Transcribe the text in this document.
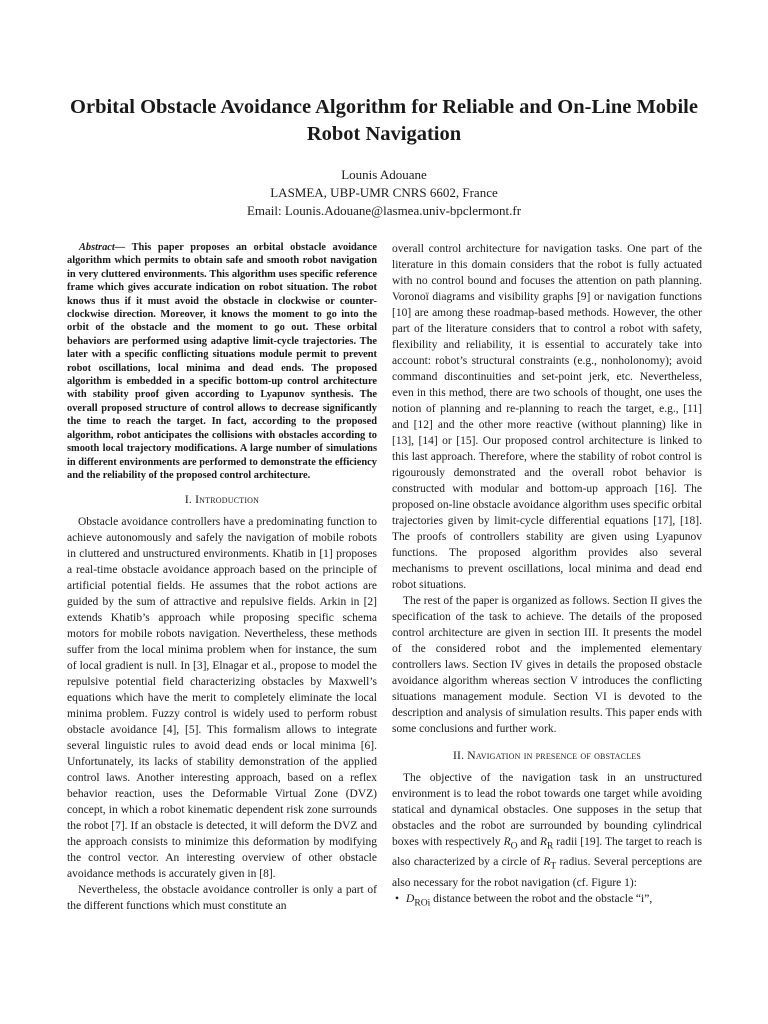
Orbital Obstacle Avoidance Algorithm for Reliable and On-Line Mobile
Robot Navigation
Lounis Adouane
LASMEA, UBP-UMR CNRS 6602, France
Email: Lounis.Adouane@lasmea.univ-bpclermont.fr

Abstract— This paper proposes an orbital obstacle avoidance algorithm which permits to obtain safe and smooth robot navigation in very cluttered environments. This algorithm uses specific reference frame which gives accurate indication on robot situation. The robot knows thus if it must avoid the obstacle in clockwise or counter-clockwise direction. Moreover, it knows the moment to go into the orbit of the obstacle and the moment to go out. These orbital behaviors are performed using adaptive limit-cycle trajectories. The later with a specific conflicting situations module permit to prevent robot oscillations, local minima and dead ends. The proposed algorithm is embedded in a specific bottom-up control architecture with stability proof given according to Lyapunov synthesis. The overall proposed structure of control allows to decrease significantly the time to reach the target. In fact, according to the proposed algorithm, robot anticipates the collisions with obstacles according to smooth local trajectory modifications. A large number of simulations in different environments are performed to demonstrate the efficiency and the reliability of the proposed control architecture.

I. Introduction

Obstacle avoidance controllers have a predominating function to achieve autonomously and safely the navigation of mobile robots in cluttered and unstructured environments. Khatib in [1] proposes a real-time obstacle avoidance approach based on the principle of artificial potential fields. He assumes that the robot actions are guided by the sum of attractive and repulsive fields. Arkin in [2] extends Khatib’s approach while proposing specific schema motors for mobile robots navigation. Nevertheless, these methods suffer from the local minima problem when for instance, the sum of local gradient is null. In [3], Elnagar et al., propose to model the repulsive potential field characterizing obstacles by Maxwell’s equations which have the merit to completely eliminate the local minima problem. Fuzzy control is widely used to perform robust obstacle avoidance [4], [5]. This formalism allows to integrate several linguistic rules to avoid dead ends or local minima [6]. Unfortunately, its lacks of stability demonstration of the applied control laws. Another interesting approach, based on a reflex behavior reaction, uses the Deformable Virtual Zone (DVZ) concept, in which a robot kinematic dependent risk zone surrounds the robot [7]. If an obstacle is detected, it will deform the DVZ and the approach consists to minimize this deformation by modifying the control vector. An interesting overview of other obstacle avoidance methods is accurately given in [8].

Nevertheless, the obstacle avoidance controller is only a part of the different functions which must constitute an

overall control architecture for navigation tasks. One part of the literature in this domain considers that the robot is fully actuated with no control bound and focuses the attention on path planning. Voronoï diagrams and visibility graphs [9] or navigation functions [10] are among these roadmap-based methods. However, the other part of the literature considers that to control a robot with safety, flexibility and reliability, it is essential to accurately take into account: robot’s structural constraints (e.g., nonholonomy); avoid command discontinuities and set-point jerk, etc. Nevertheless, even in this method, there are two schools of thought, one uses the notion of planning and re-planning to reach the target, e.g., [11] and [12] and the other more reactive (without planning) like in [13], [14] or [15]. Our proposed control architecture is linked to this last approach. Therefore, where the stability of robot control is rigourously demonstrated and the overall robot behavior is constructed with modular and bottom-up approach [16]. The proposed on-line obstacle avoidance algorithm uses specific orbital trajectories given by limit-cycle differential equations [17], [18]. The proofs of controllers stability are given using Lyapunov functions. The proposed algorithm provides also several mechanisms to prevent oscillations, local minima and dead end robot situations.

The rest of the paper is organized as follows. Section II gives the specification of the task to achieve. The details of the proposed control architecture are given in section III. It presents the model of the considered robot and the implemented elementary controllers laws. Section IV gives in details the proposed obstacle avoidance algorithm whereas section V introduces the conflicting situations management module. Section VI is devoted to the description and analysis of simulation results. This paper ends with some conclusions and further work.

II. Navigation in presence of obstacles

The objective of the navigation task in an unstructured environment is to lead the robot towards one target while avoiding statical and dynamical obstacles. One supposes in the setup that obstacles and the robot are surrounded by bounding cylindrical boxes with respectively $R_O$ and $R_R$ radii [19]. The target to reach is also characterized by a circle of $R_T$ radius. Several perceptions are also necessary for the robot navigation (cf. Figure 1):

• $D_{ROi}$ distance between the robot and the obstacle “i”,
